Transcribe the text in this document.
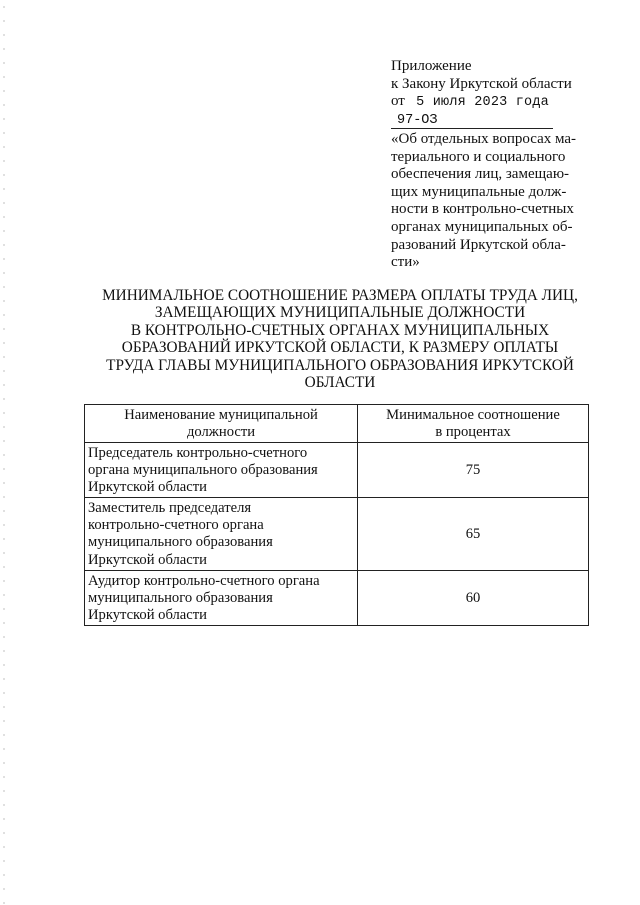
Приложение
к Закону Иркутской области
от 5 июля 2023 года
97-ОЗ
«Об отдельных вопросах ма-
териального и социального
обеспечения лиц, замещаю-
щих муниципальные долж-
ности в контрольно-счетных
органах муниципальных об-
разований Иркутской обла-
сти»
МИНИМАЛЬНОЕ СООТНОШЕНИЕ РАЗМЕРА ОПЛАТЫ ТРУДА ЛИЦ,
ЗАМЕЩАЮЩИХ МУНИЦИПАЛЬНЫЕ ДОЛЖНОСТИ
В КОНТРОЛЬНО-СЧЕТНЫХ ОРГАНАХ МУНИЦИПАЛЬНЫХ
ОБРАЗОВАНИЙ ИРКУТСКОЙ ОБЛАСТИ, К РАЗМЕРУ ОПЛАТЫ
ТРУДА ГЛАВЫ МУНИЦИПАЛЬНОГО ОБРАЗОВАНИЯ ИРКУТСКОЙ
ОБЛАСТИ
Наименование муниципальной
должности	Минимальное соотношение
в процентах

Председатель контрольно-счетного
органа муниципального образования
Иркутской области	75

Заместитель председателя
контрольно-счетного органа
муниципального образования
Иркутской области	65

Аудитор контрольно-счетного органа
муниципального образования
Иркутской области	60
